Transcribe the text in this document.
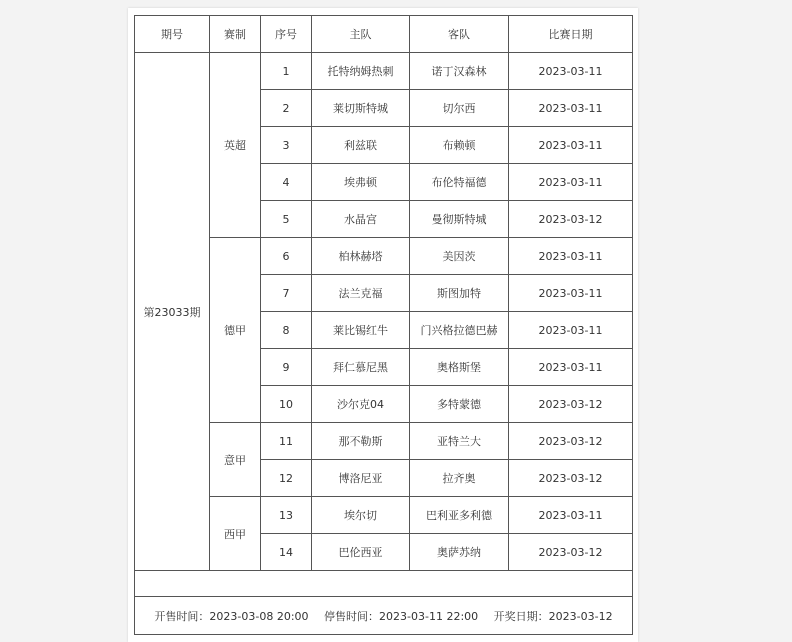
期号	赛制	序号	主队	客队	比赛日期
第23033期	英超	1	托特纳姆热刺	诺丁汉森林	2023-03-11
		2	莱切斯特城	切尔西	2023-03-11
		3	利兹联	布赖顿	2023-03-11
		4	埃弗顿	布伦特福德	2023-03-11
		5	水晶宫	曼彻斯特城	2023-03-12
	德甲	6	柏林赫塔	美因茨	2023-03-11
		7	法兰克福	斯图加特	2023-03-11
		8	莱比锡红牛	门兴格拉德巴赫	2023-03-11
		9	拜仁慕尼黑	奥格斯堡	2023-03-11
		10	沙尔克04	多特蒙德	2023-03-12
	意甲	11	那不勒斯	亚特兰大	2023-03-12
		12	博洛尼亚	拉齐奥	2023-03-12
	西甲	13	埃尔切	巴利亚多利德	2023-03-11
		14	巴伦西亚	奥萨苏纳	2023-03-12

开售时间：2023-03-08 20:00 停售时间：2023-03-11 22:00 开奖日期：2023-03-12					
